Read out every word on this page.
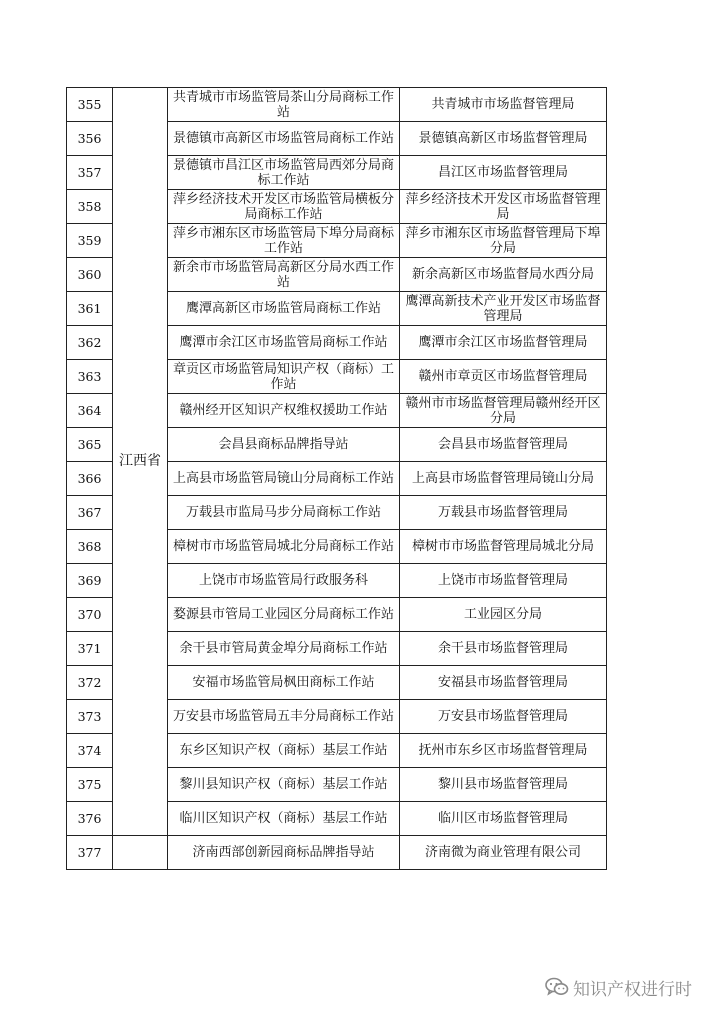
355	江西省	共青城市市场监管局茶山分局商标工作站	共青城市市场监督管理局
356		景德镇市高新区市场监管局商标工作站	景德镇高新区市场监督管理局
357		景德镇市昌江区市场监管局西郊分局商标工作站	昌江区市场监督管理局
358		萍乡经济技术开发区市场监管局横板分局商标工作站	萍乡经济技术开发区市场监督管理局
359		萍乡市湘东区市场监管局下埠分局商标工作站	萍乡市湘东区市场监督管理局下埠分局
360		新余市市场监管局高新区分局水西工作站	新余高新区市场监督局水西分局
361		鹰潭高新区市场监管局商标工作站	鹰潭高新技术产业开发区市场监督管理局
362		鹰潭市余江区市场监管局商标工作站	鹰潭市余江区市场监督管理局
363		章贡区市场监管局知识产权（商标）工作站	赣州市章贡区市场监督管理局
364		赣州经开区知识产权维权援助工作站	赣州市市场监督管理局赣州经开区分局
365		会昌县商标品牌指导站	会昌县市场监督管理局
366		上高县市场监管局镜山分局商标工作站	上高县市场监督管理局镜山分局
367		万载县市监局马步分局商标工作站	万载县市场监督管理局
368		樟树市市场监管局城北分局商标工作站	樟树市市场监督管理局城北分局
369		上饶市市场监管局行政服务科	上饶市市场监督管理局
370		婺源县市管局工业园区分局商标工作站	工业园区分局
371		余干县市管局黄金埠分局商标工作站	余干县市场监督管理局
372		安福市场监管局枫田商标工作站	安福县市场监督管理局
373		万安县市场监管局五丰分局商标工作站	万安县市场监督管理局
374		东乡区知识产权（商标）基层工作站	抚州市东乡区市场监督管理局
375		黎川县知识产权（商标）基层工作站	黎川县市场监督管理局
376		临川区知识产权（商标）基层工作站	临川区市场监督管理局
377		济南西部创新园商标品牌指导站	济南微为商业管理有限公司
知识产权进行时
